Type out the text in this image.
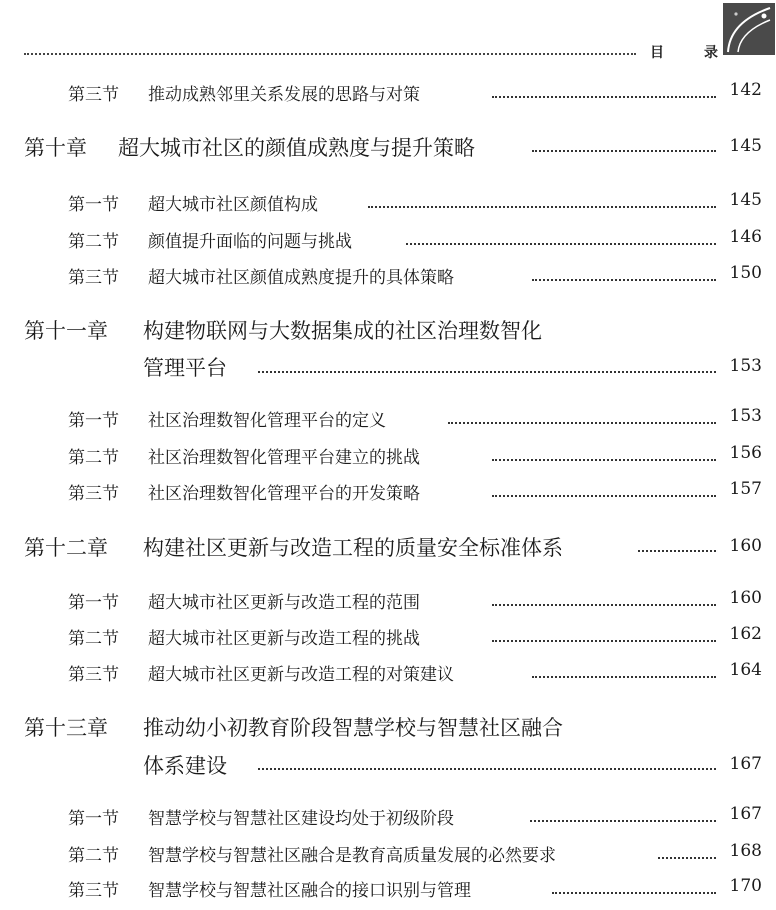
目	录
第三节 推动成熟邻里关系发展的思路与对策	142
第十章 超大城市社区的颜值成熟度与提升策略	145
第一节 超大城市社区颜值构成	145
第二节 颜值提升面临的问题与挑战	146
第三节 超大城市社区颜值成熟度提升的具体策略	150
第十一章 构建物联网与大数据集成的社区治理数智化
管理平台	153
第一节 社区治理数智化管理平台的定义	153
第二节 社区治理数智化管理平台建立的挑战	156
第三节 社区治理数智化管理平台的开发策略	157
第十二章 构建社区更新与改造工程的质量安全标准体系	160
第一节 超大城市社区更新与改造工程的范围	160
第二节 超大城市社区更新与改造工程的挑战	162
第三节 超大城市社区更新与改造工程的对策建议	164
第十三章 推动幼小初教育阶段智慧学校与智慧社区融合
体系建设	167
第一节 智慧学校与智慧社区建设均处于初级阶段	167
第二节 智慧学校与智慧社区融合是教育高质量发展的必然要求	168
第三节 智慧学校与智慧社区融合的接口识别与管理	170
